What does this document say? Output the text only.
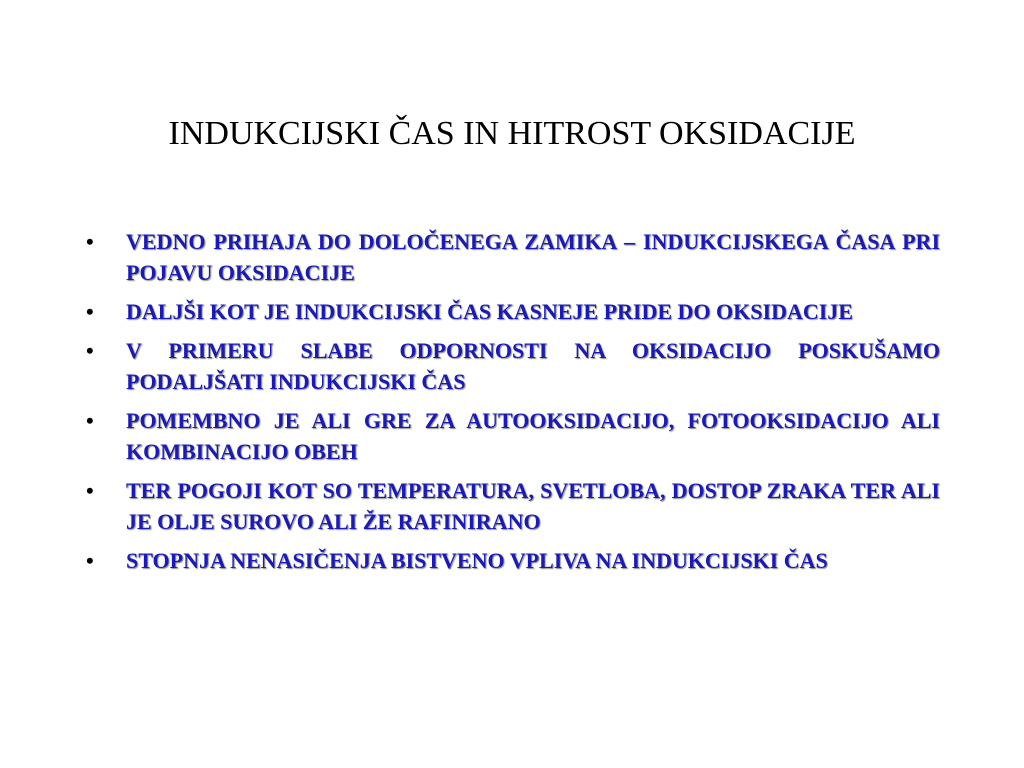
INDUKCIJSKI ČAS IN HITROST OKSIDACIJE
• VEDNO PRIHAJA DO DOLOČENEGA ZAMIKA – INDUKCIJSKEGA ČASA PRI POJAVU OKSIDACIJE
• DALJŠI KOT JE INDUKCIJSKI ČAS KASNEJE PRIDE DO OKSIDACIJE
• V PRIMERU SLABE ODPORNOSTI NA OKSIDACIJO POSKUŠAMO PODALJŠATI INDUKCIJSKI ČAS
• POMEMBNO JE ALI GRE ZA AUTOOKSIDACIJO, FOTOOKSIDACIJO ALI KOMBINACIJO OBEH
• TER POGOJI KOT SO TEMPERATURA, SVETLOBA, DOSTOP ZRAKA TER ALI JE OLJE SUROVO ALI ŽE RAFINIRANO
• STOPNJA NENASIČENJA BISTVENO VPLIVA NA INDUKCIJSKI ČAS
